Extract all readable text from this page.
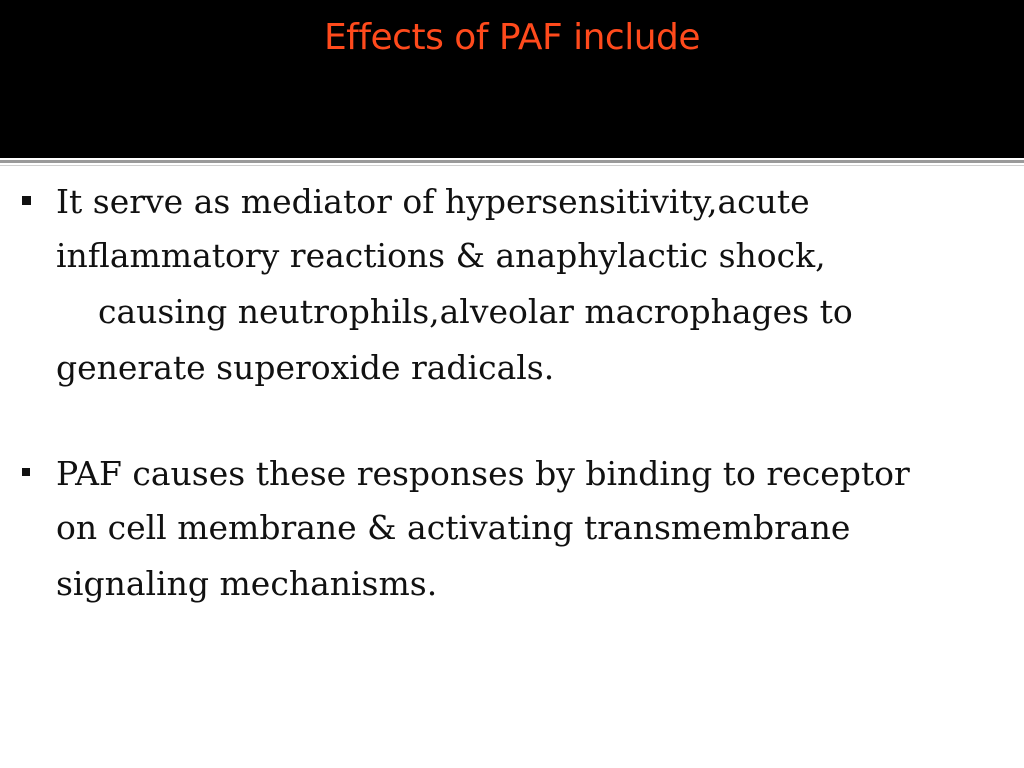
Effects of PAF include
It serve as mediator of hypersensitivity,acute
inflammatory reactions & anaphylactic shock,
causing neutrophils,alveolar macrophages to
generate superoxide radicals.
PAF causes these responses by binding to receptor
on cell membrane & activating transmembrane
signaling mechanisms.
